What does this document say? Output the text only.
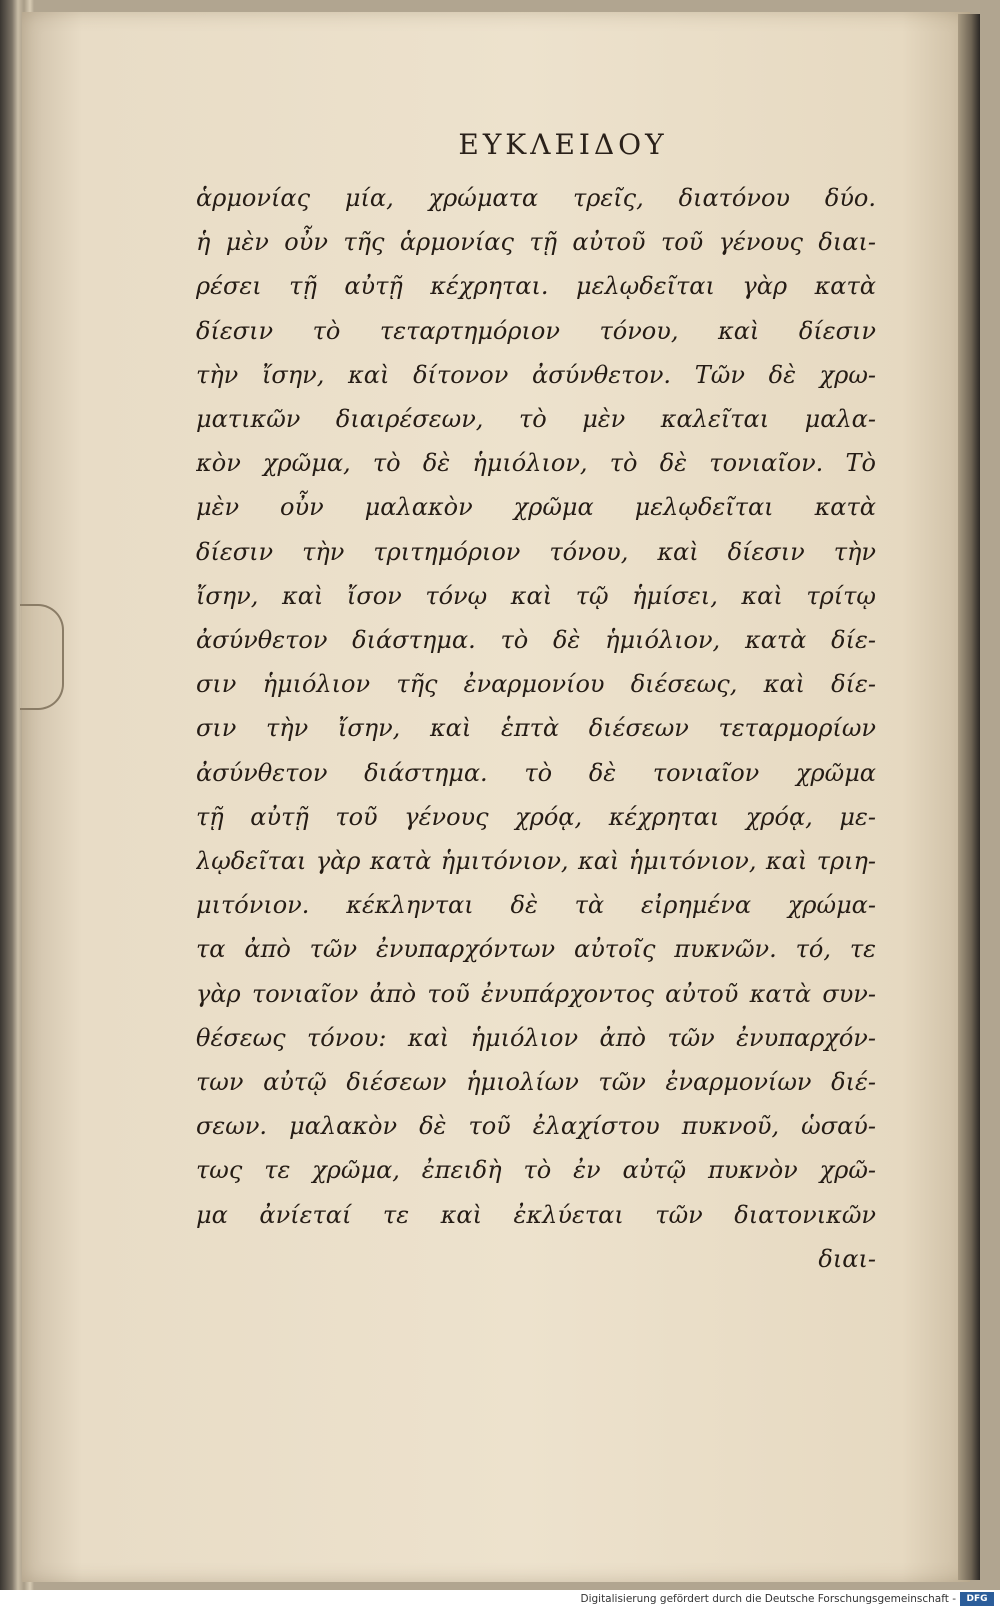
ΕΥΚΛΕΙΔΟΥ
ἁρμονίας μία, χρώματα τρεῖς, διατόνου δύο.
ἡ μὲν οὖν τῆς ἁρμονίας τῇ αὐτοῦ τοῦ γένους διαι-
ρέσει τῇ αὐτῇ κέχρηται. μελῳδεῖται γὰρ κατὰ
δίεσιν τὸ τεταρτημόριον τόνου, καὶ δίεσιν
τὴν ἴσην, καὶ δίτονον ἀσύνθετον. Τῶν δὲ χρω-
ματικῶν διαιρέσεων, τὸ μὲν καλεῖται μαλα-
κὸν χρῶμα, τὸ δὲ ἡμιόλιον, τὸ δὲ τονιαῖον. Τὸ
μὲν οὖν μαλακὸν χρῶμα μελῳδεῖται κατὰ
δίεσιν τὴν τριτημόριον τόνου, καὶ δίεσιν τὴν
ἴσην, καὶ ἴσον τόνῳ καὶ τῷ ἡμίσει, καὶ τρίτῳ
ἀσύνθετον διάστημα. τὸ δὲ ἡμιόλιον, κατὰ δίε-
σιν ἡμιόλιον τῆς ἐναρμονίου διέσεως, καὶ δίε-
σιν τὴν ἴσην, καὶ ἑπτὰ διέσεων τεταρμορίων
ἀσύνθετον διάστημα. τὸ δὲ τονιαῖον χρῶμα
τῇ αὐτῇ τοῦ γένους χρόᾳ, κέχρηται χρόᾳ, με-
λῳδεῖται γὰρ κατὰ ἡμιτόνιον, καὶ ἡμιτόνιον, καὶ τριη-
μιτόνιον. κέκληνται δὲ τὰ εἰρημένα χρώμα-
τα ἀπὸ τῶν ἐνυπαρχόντων αὐτοῖς πυκνῶν. τό, τε
γὰρ τονιαῖον ἀπὸ τοῦ ἐνυπάρχοντος αὐτοῦ κατὰ συν-
θέσεως τόνου: καὶ ἡμιόλιον ἀπὸ τῶν ἐνυπαρχόν-
των αὐτῷ διέσεων ἡμιολίων τῶν ἐναρμονίων διέ-
σεων. μαλακὸν δὲ τοῦ ἐλαχίστου πυκνοῦ, ὡσαύ-
τως τε χρῶμα, ἐπειδὴ τὸ ἐν αὐτῷ πυκνὸν χρῶ-
μα ἀνίεταί τε καὶ ἐκλύεται τῶν διατονικῶν
διαι-
Digitalisierung gefördert durch die Deutsche Forschungsgemeinschaft -	DFG
